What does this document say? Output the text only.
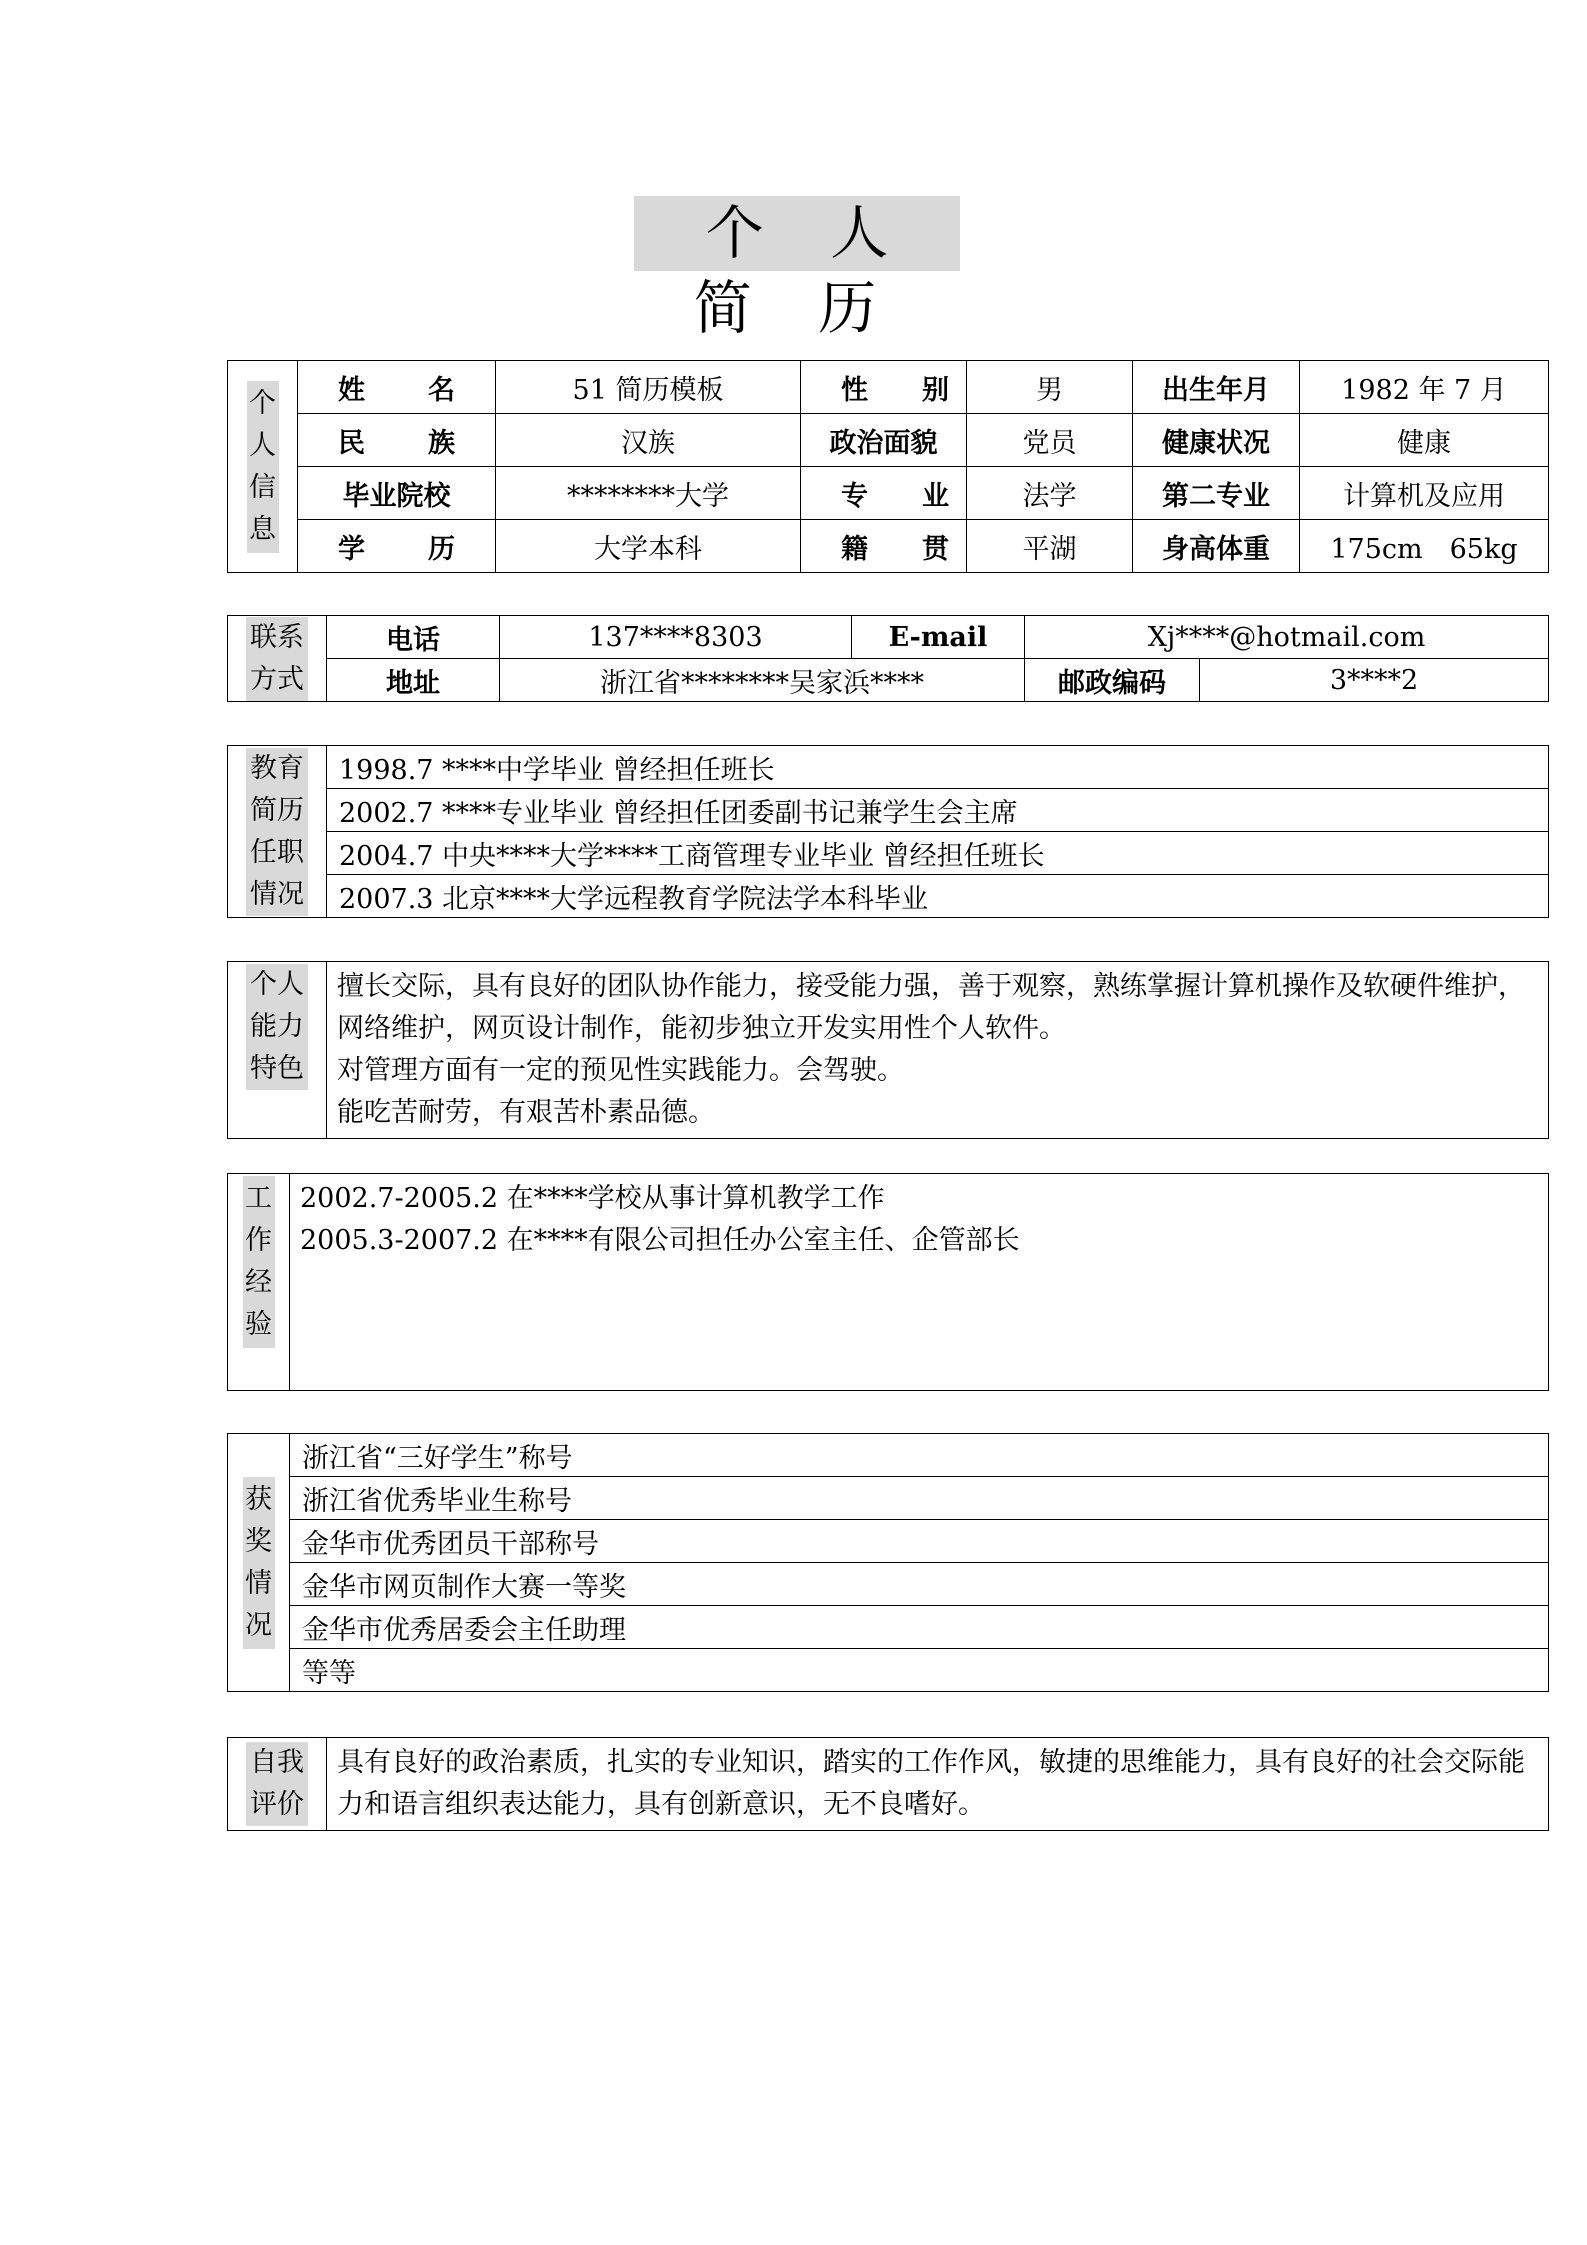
个 人 简 历
个人信息	姓　　名	51 简历模板	性　　别	男	出生年月	1982 年 7 月
	民　　族	汉族	政治面貌	党员	健康状况	健康
	毕业院校	********大学	专　　业	法学	第二专业	计算机及应用
	学　　历	大学本科	籍　　贯	平湖	身高体重	175cm　65kg
联系方式	电话	137****8303	E-mail	Xj****@hotmail.com	
	地址	浙江省********吴家浜****		邮政编码	3****2
教育简历任职情况	1998.7 ****中学毕业 曾经担任班长
2002.7 ****专业毕业 曾经担任团委副书记兼学生会主席
2004.7 中央****大学****工商管理专业毕业 曾经担任班长
2007.3 北京****大学远程教育学院法学本科毕业
个人能力特色	
擅长交际，具有良好的团队协作能力，接受能力强，善于观察，熟练掌握计算机操作及软硬件维护，网络维护，网页设计制作，能初步独立开发实用性个人软件。
对管理方面有一定的预见性实践能力。会驾驶。
能吃苦耐劳，有艰苦朴素品德。
工作经验	
2002.7-2005.2 在****学校从事计算机教学工作
2005.3-2007.2 在****有限公司担任办公室主任、企管部长
获奖情况	浙江省“三好学生”称号
浙江省优秀毕业生称号
金华市优秀团员干部称号
金华市网页制作大赛一等奖
金华市优秀居委会主任助理
等等
自我评价	具有良好的政治素质，扎实的专业知识，踏实的工作作风，敏捷的思维能力，具有良好的社会交际能力和语言组织表达能力，具有创新意识，无不良嗜好。
